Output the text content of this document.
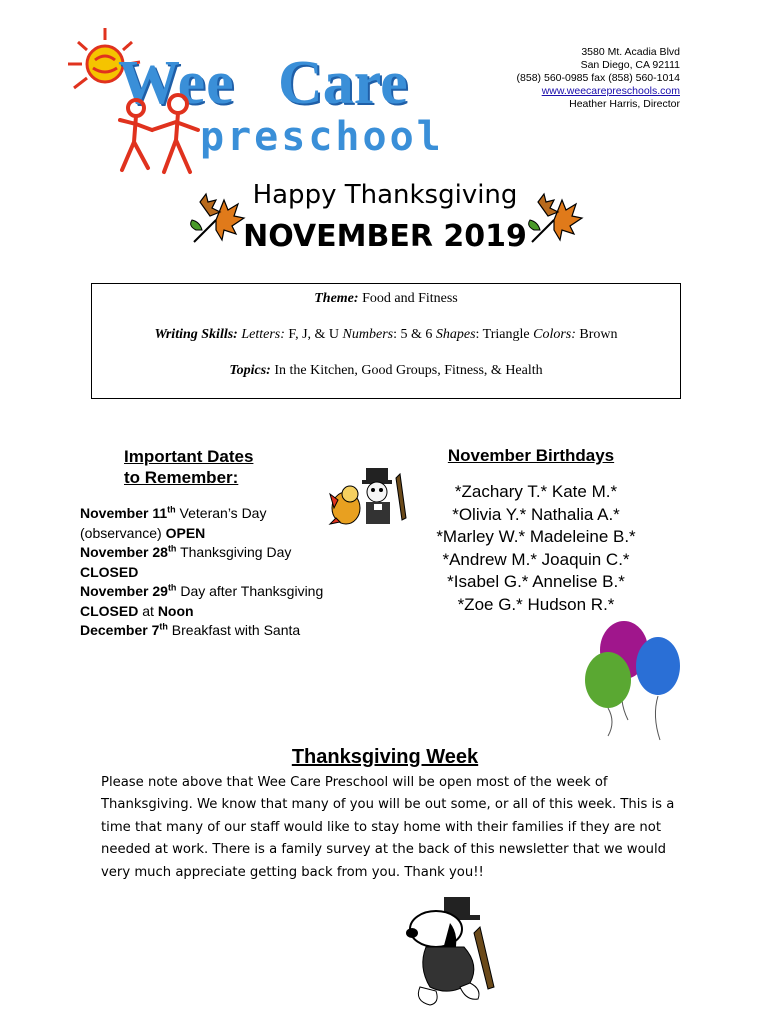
Wee Care
preschool
3580 Mt. Acadia Blvd
San Diego, CA 92111
(858) 560-0985 fax (858) 560-1014
www.weecarepreschools.com
Heather Harris, Director
Happy Thanksgiving
NOVEMBER 2019
Theme: Food and Fitness
Writing Skills: Letters: F, J, & U Numbers: 5 & 6 Shapes: Triangle Colors: Brown
Topics: In the Kitchen, Good Groups, Fitness, & Health
Important Dates
to Remember:
November 11th Veteran’s Day
(observance) OPEN
November 28th Thanksgiving Day
CLOSED
November 29th Day after Thanksgiving
CLOSED at Noon
December 7th Breakfast with Santa
November Birthdays
*Zachary T.* Kate M.*
*Olivia Y.* Nathalia A.*
*Marley W.* Madeleine B.*
*Andrew M.* Joaquin C.*
*Isabel G.* Annelise B.*
*Zoe G.* Hudson R.*
Thanksgiving Week
Please note above that Wee Care Preschool will be open most of the week of Thanksgiving. We know that many of you will be out some, or all of this week. This is a time that many of our staff would like to stay home with their families if they are not needed at work. There is a family survey at the back of this newsletter that we would very much appreciate getting back from you. Thank you!!
